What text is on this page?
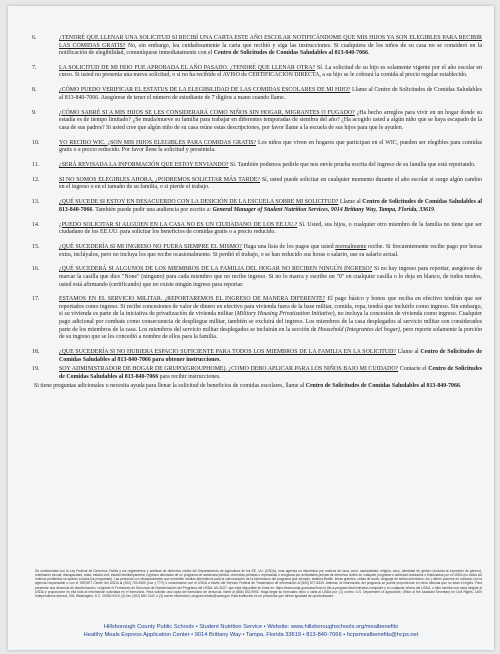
6.	¿TENDRÉ QUE LLENAR UNA SOLICITUD SI RECIBÍ UNA CARTA ESTE AÑO ESCOLAR NOTIFICÁNDOME QUE MIS HIJOS YA SON ELEGIBLES PARA RECIBIR LAS COMIDAS GRATIS? No, sin embargo, lea cuidadosamente la carta que recibió y siga las instrucciones. Si cualquiera de los niños de su casa no se consideró en la notificación de elegibilidad, comuníquese inmediatamente con el Centro de Solicitudes de Comidas Saludables al 813-840-7066.
7.	LA SOLICITUD DE MI HIJO FUE APROBADA EL AÑO PASADO. ¿TENDRÉ QUE LLENAR OTRA? Sí. La solicitud de su hijo es solamente vigente por el año escolar en curso. Si usted no presenta una nueva solicitud, o si no ha recibido el AVISO de CERTIFICACIÓN DIRECTA, a su hijo se le cobrará la comida al precio regular establecido.
8.	¿CÓMO PUEDO VERIFICAR EL ESTATUS DE LA ELEGIBILIDAD DE LAS COMIDAS ESCOLARES DE MI HIJO? Llame al Centro de Solicitudes de Comidas Saludables al 813-840-7066. Asegúrese de tener el número de estudiante de 7 dígitos a mano cuando llame.
9.	¿CÓMO SABRÉ SI A MIS HIJOS SE LES CONSIDERARÁ COMO NIÑOS SIN HOGAR, MIGRANTES O FUGADO? ¿Ha hecho arreglos para vivir en un hogar donde su estadía es de tiempo limitado? ¿Se muda/mueve su familia para trabajar en diferentes temporadas de siembra del año? ¿Ha acogido usted a algún niño que se haya escapado de la casa de sus padres? Si usted cree que algún niño de su casa reúne estas descripciones, por favor llame a la escuela de sus hijos para que le ayuden.
10.	YO RECIBO WIC. ¿SON MIS HIJOS ELEGIBLES PARA COMIDAS GRATIS? Los niños que viven en hogares que participan en el WIC, pueden ser elegibles para comidas gratis o a precio reducido. Por favor llene la solicitud y preséntela.
11.	¿SERÁ REVISADA LA INFORMACIÓN QUE ESTOY ENVIANDO? Sí. También podemos pedirle que nos envíe prueba escrita del ingreso de su familia que está reportando.
12.	SI NO SOMOS ELEGIBLES AHORA, ¿PODREMOS SOLICITAR MÁS TARDE? Sí, usted puede solicitar en cualquier momento durante el año escolar si surge algún cambio en el ingreso o en el tamaño de su familia, o si pierde el trabajo.
13.	¿QUÉ SUCEDE SI ESTOY EN DESACUERDO CON LA DESICIÓN DE LA ESCUELA SOBRE MI SOLICITUD? Llame al Centro de Solicitudes de Comidas Saludables al 813-840-7066. También puede pedir una audiencia por escrito a: General Manager of Student Nutrition Services, 9014 Brittany Way, Tampa, Florida, 33619.
14.	¿PUEDO SOLICITAR SI ALGUIEN EN LA CASA NO ES UN CIUDADANO DE LOS EE.UU.? Sí. Usted, sus hijos, o cualquier otro miembro de la familia no tiene que ser ciudadano de los EE.UU. para solicitar los beneficios de comidas gratis o a precio reducido.
15.	¿QUÉ SUCEDERÍA SI MI INGRESO NO FUERA SIEMPRE EL MISMO? Haga una lista de los pagos que usted normalmente recibe. Si frecuentemente recibe pago por horas extra, inclúyalos, pero no incluya los que recibe ocasionalmente. Si perdió el trabajo, o se han reducido sus horas o salario, use su salario actual.
16.	¿QUÉ SUCEDERÁ SI ALGUNOS DE LOS MIEMBROS DE LA FAMILIA DEL HOGAR NO RECIBEN NINGÚN INGRESO? Si no hay ingreso para reportar, asegúrese de marcar la casilla que dice "None" (ninguno) para cada miembro que no recibe ingreso. Si no lo marca y escribe un "0" en cualquier casilla o lo deja en blanco, de todos modos, usted está afirmando (certificando) que no existe ningún ingreso para reportar.
17.	ESTAMOS EN EL SERVICIO MILITAR. ¿REPORTAREMOS EL INGRESO DE MANERA DIFERENTE? El pago básico y bonos que reciba en efectivo tendrán que ser reportados como ingreso. Si recibe concesiones de valor de dinero en efectivo para vivienda fuera de la base militar, comida, ropa, tendrá que incluirlo como ingreso. Sin embargo, si su vivienda es parte de la iniciativa de privatización de vivienda militar (Military Housing Privatization Initiative), no incluya la concesión de vivienda como ingreso. Cualquier pago adicional por combate como consecuencia de despliegue militar, también se excluirá del ingreso. Los miembros de la casa desplegados al servicio militar son considerados parte de los miembros de la casa. Los miembros del servicio militar desplegados se incluirán en la sección de Household (Integrantes del hogar), pero reporte solamente la porción de su ingreso que se les concedió a nombre de ellos para la familia.
18.	¿QUE SUCEDERÍA SI NO HUBIERA ESPACIO SUFICIENTE PARA TODOS LOS MIEMBROS DE LA FAMILIA EN LA SOLICITUD? Llame al Centro de Solicitudes de Comidas Saludables al 813-840-7066 para obtener instrucciones.
19.	SOY ADMINISTRADOR DE HOGAR DE GRUPO(GROUPHOME). ¿COMO DEBO APLICAR PARA LOS NIÑOS BAJO MI CUIDADO? Contacte el Centro de Solicitudes de Comidas Saludables al 813-840-7066 para recibir instrucciones.
Si tiene preguntas adicionales o necesita ayuda para llenar la solicitud de beneficios de comidas escolares, llame al Centro de Solicitudes de Comidas Saludables al 813-840-7066.
De conformidad con la Ley Federal de Derechos Civiles y los reglamentos y políticas de derechos civiles del Departamento de Agricultura de los EE. UU. (USDA), esta agencia no discrimina por motivos de raza, color, nacionalidad, religión, sexo, identidad de género (incluida la expresión de género), orientación sexual, discapacidad, edad, estado civil, estado familiar/parental, ingresos derivados de un programa de asistencia pública, creencias políticas o represalias o venganza por actividades previas de derechos civiles en cualquier programa o actividad realizados o financiados por el USDA (no todos los motivos prohibidos se aplican a todos los programas). Las personas con discapacidades que necesiten medios alternativos para la comunicación de la información del programa (por ejemplo, sistema Braille, letras grandes, cintas de audio, lenguaje de señas americano, etc.) deben ponerse en contacto con la agencia responsable o con el TARGET Center del USDA al (202) 720-2600 (voz y TTY) o comunicarse con el USDA a través del Servicio Federal de Transmisión de Información al (800) 877-8339. Además, la información del programa se puede proporcionar en otros idiomas que no sean el inglés. Para presentar una denuncia de discriminación, complete el Formulario de Denuncia de Discriminación del Programa del USDA, AD-3027, que está disponible en línea en: https://www.usda.gov/oascr/how-to-file-a-program-discrimination-complaint y en cualquier oficina del USDA, o bien escriba una carta dirigida al USDA y proporcione en ella toda la información solicitada en el formulario. Para solicitar una copia del formulario de denuncia, llame al (866) 632-9992. Haga llegar su formulario lleno o carta al USDA por: (1) correo: U.S. Department of Agriculture, Office of the Assistant Secretary for Civil Rights, 1400 Independence Avenue, SW, Washington, D.C. 20250-9410; (2) fax: (202) 690-7442; o (3) correo electrónico: program.intake@usda.gov. Esta institución es un proveedor que ofrece igualdad de oportunidades.
Hillsborough County Public Schools • Student Nutrition Service • Website: www.hillsboroughschools.org/mealbenefits
Healthy Meals Express Application Center • 9014 Brittany Way • Tampa, Florida 33619 • 813-840-7066 • hcpsmealbenefits@hcps.net
